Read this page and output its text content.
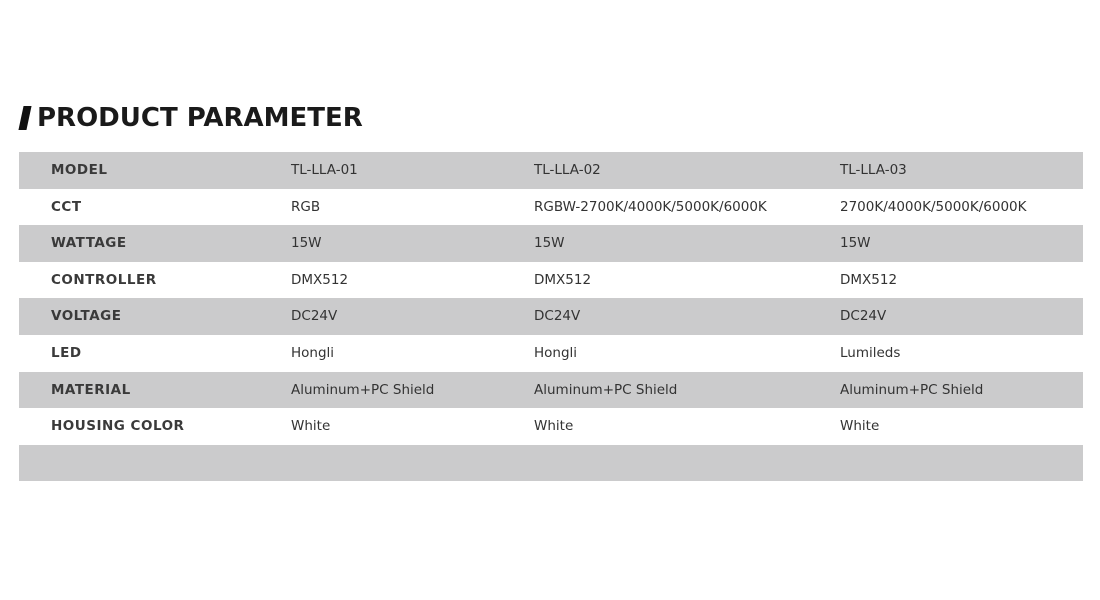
PRODUCT PARAMETER
MODEL	TL-LLA-01	TL-LLA-02	TL-LLA-03
CCT	RGB	RGBW-2700K/4000K/5000K/6000K	2700K/4000K/5000K/6000K
WATTAGE	15W	15W	15W
CONTROLLER	DMX512	DMX512	DMX512
VOLTAGE	DC24V	DC24V	DC24V
LED	Hongli	Hongli	Lumileds
MATERIAL	Aluminum+PC Shield	Aluminum+PC Shield	Aluminum+PC Shield
HOUSING COLOR	White	White	White
